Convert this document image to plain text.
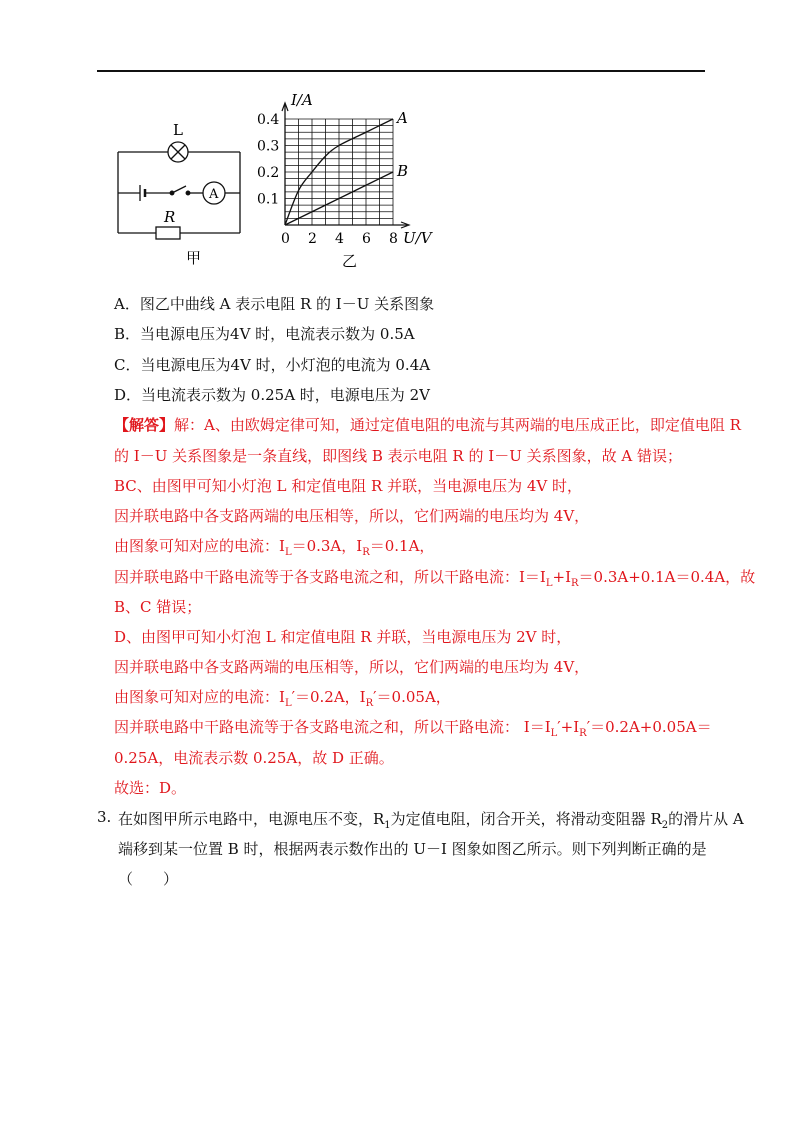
L
A
R
甲
0.1
0.2
0.3
0.4
0 2 4 6 8
I/A
U/V
A
B
乙
A．图乙中曲线 A 表示电阻 R 的 I－U 关系图象
B．当电源电压为4V 时，电流表示数为 0.5A
C．当电源电压为4V 时，小灯泡的电流为 0.4A
D．当电流表示数为 0.25A 时，电源电压为 2V
【解答】解：A、由欧姆定律可知，通过定值电阻的电流与其两端的电压成正比，即定值电阻 R
的 I－U 关系图象是一条直线，即图线 B 表示电阻 R 的 I－U 关系图象，故 A 错误；
BC、由图甲可知小灯泡 L 和定值电阻 R 并联，当电源电压为 4V 时，
因并联电路中各支路两端的电压相等，所以，它们两端的电压均为 4V，
由图象可知对应的电流：$I_L=0.3A$，$I_R=0.1A$，
因并联电路中干路电流等于各支路电流之和，所以干路电流：$I=I_L+I_R=0.3A+0.1A=0.4A$，故
B、C 错误；
D、由图甲可知小灯泡 L 和定值电阻 R 并联，当电源电压为 2V 时，
因并联电路中各支路两端的电压相等，所以，它们两端的电压均为 4V，
由图象可知对应的电流：$I_L'=0.2A$，$I_R'=0.05A$，
因并联电路中干路电流等于各支路电流之和，所以干路电流： $I=I_L'+I_R'=0.2A+0.05A=$
0.25A，电流表示数 0.25A，故 D 正确。
故选：D。
3. 在如图甲所示电路中，电源电压不变，$R_1$为定值电阻，闭合开关，将滑动变阻器 $R_2$的滑片从 A
端移到某一位置 B 时，根据两表示数作出的 U－I 图象如图乙所示。则下列判断正确的是
（　　）
